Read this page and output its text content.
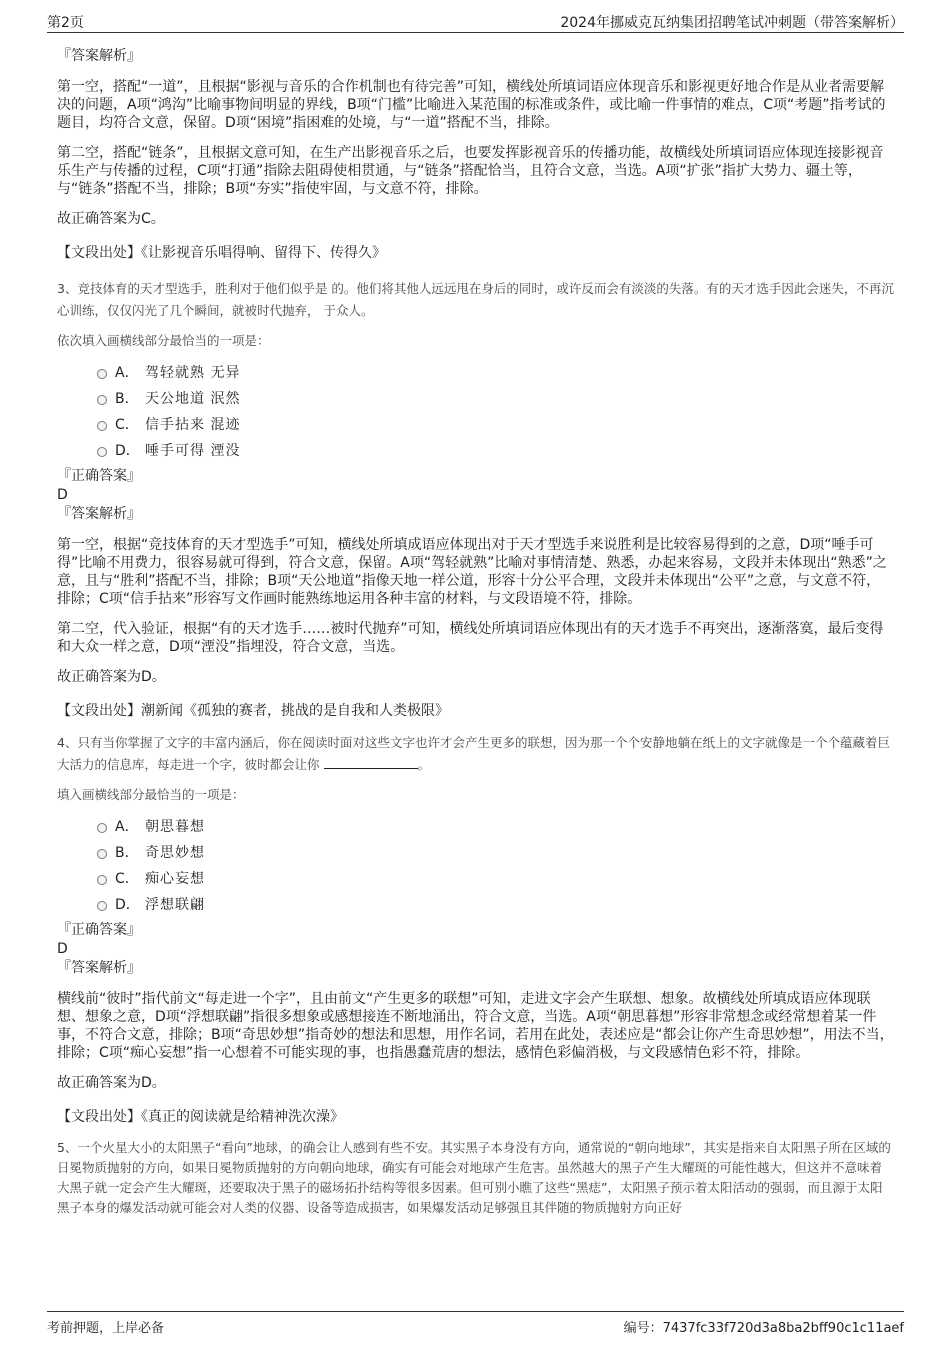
第2页	2024年挪威克瓦纳集团招聘笔试冲刺题（带答案解析）

『答案解析』

第一空，搭配“一道”，且根据“影视与音乐的合作机制也有待完善”可知，横线处所填词语应体现音乐和影视更好地合作是从业者需要解决的问题，A项“鸿沟”比喻事物间明显的界线，B项“门槛”比喻进入某范围的标准或条件，或比喻一件事情的难点，C项“考题”指考试的题目，均符合文意，保留。D项“困境”指困难的处境，与“一道”搭配不当，排除。

第二空，搭配“链条”，且根据文意可知，在生产出影视音乐之后，也要发挥影视音乐的传播功能，故横线处所填词语应体现连接影视音乐生产与传播的过程，C项“打通”指除去阻碍使相贯通，与“链条”搭配恰当，且符合文意，当选。A项“扩张”指扩大势力、疆土等，与“链条”搭配不当，排除；B项“夯实”指使牢固，与文意不符，排除。

故正确答案为C。

【文段出处】《让影视音乐唱得响、留得下、传得久》

3、竞技体育的天才型选手，胜利对于他们似乎是 的。他们将其他人远远甩在身后的同时，或许反而会有淡淡的失落。有的天才选手因此会迷失，不再沉心训练，仅仅闪光了几个瞬间，就被时代抛弃， 于众人。

依次填入画横线部分最恰当的一项是：

A． 驾轻就熟 无异
B． 天公地道 泯然
C． 信手拈来 混迹
D． 唾手可得 湮没

『正确答案』

D

『答案解析』

第一空，根据“竞技体育的天才型选手”可知，横线处所填成语应体现出对于天才型选手来说胜利是比较容易得到的之意，D项“唾手可得”比喻不用费力，很容易就可得到，符合文意，保留。A项“驾轻就熟”比喻对事情清楚、熟悉，办起来容易，文段并未体现出“熟悉”之意，且与“胜利”搭配不当，排除；B项“天公地道”指像天地一样公道，形容十分公平合理，文段并未体现出“公平”之意，与文意不符，排除；C项“信手拈来”形容写文作画时能熟练地运用各种丰富的材料，与文段语境不符，排除。

第二空，代入验证，根据“有的天才选手……被时代抛弃”可知，横线处所填词语应体现出有的天才选手不再突出，逐渐落寞，最后变得和大众一样之意，D项“湮没”指埋没，符合文意，当选。

故正确答案为D。

【文段出处】潮新闻《孤独的赛者，挑战的是自我和人类极限》

4、只有当你掌握了文字的丰富内涵后，你在阅读时面对这些文字也许才会产生更多的联想，因为那一个个安静地躺在纸上的文字就像是一个个蕴藏着巨大活力的信息库，每走进一个字，彼时都会让你	。

填入画横线部分最恰当的一项是：

A． 朝思暮想
B． 奇思妙想
C． 痴心妄想
D． 浮想联翩

『正确答案』

D

『答案解析』

横线前“彼时”指代前文“每走进一个字”，且由前文“产生更多的联想”可知，走进文字会产生联想、想象。故横线处所填成语应体现联想、想象之意，D项“浮想联翩”指很多想象或感想接连不断地涌出，符合文意，当选。A项“朝思暮想”形容非常想念或经常想着某一件事，不符合文意，排除；B项“奇思妙想”指奇妙的想法和思想，用作名词，若用在此处，表述应是“都会让你产生奇思妙想”，用法不当，排除；C项“痴心妄想”指一心想着不可能实现的事，也指愚蠢荒唐的想法，感情色彩偏消极，与文段感情色彩不符，排除。

故正确答案为D。

【文段出处】《真正的阅读就是给精神洗次澡》

5、一个火星大小的太阳黑子“看向”地球，的确会让人感到有些不安。其实黑子本身没有方向，通常说的“朝向地球”，其实是指来自太阳黑子所在区域的日冕物质抛射的方向，如果日冕物质抛射的方向朝向地球，确实有可能会对地球产生危害。虽然越大的黑子产生大耀斑的可能性越大，但这并不意味着大黑子就一定会产生大耀斑，还要取决于黑子的磁场拓扑结构等很多因素。但可别小瞧了这些“黑痣”，太阳黑子预示着太阳活动的强弱，而且源于太阳黑子本身的爆发活动就可能会对人类的仪器、设备等造成损害，如果爆发活动足够强且其伴随的物质抛射方向正好

考前押题，上岸必备	编号：7437fc33f720d3a8ba2bff90c1c11aef
